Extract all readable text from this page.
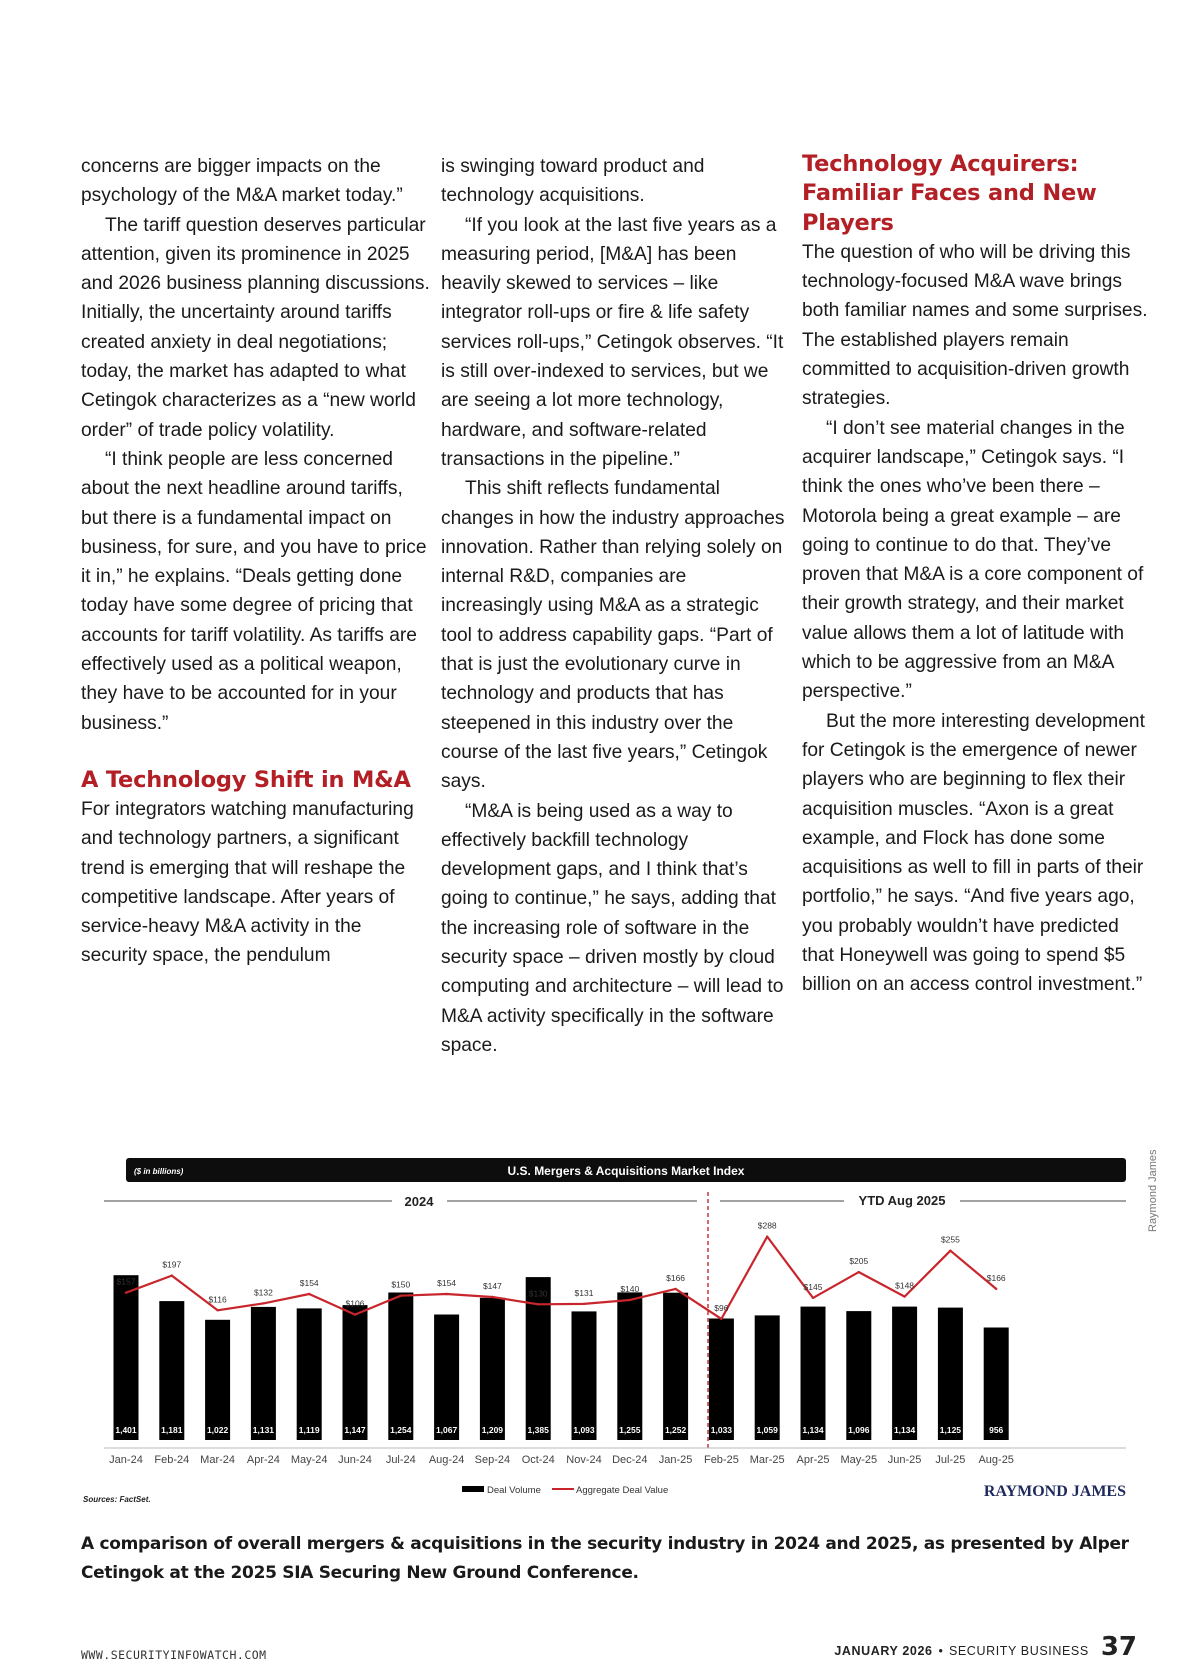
concerns are bigger impacts on the psychology of the M&A market today.”

The tariff question deserves particular attention, given its prominence in 2025 and 2026 business planning discussions. Initially, the uncertainty around tariffs created anxiety in deal negotiations; today, the market has adapted to what Cetingok characterizes as a “new world order” of trade policy volatility.

“I think people are less concerned about the next headline around tariffs, but there is a fundamental impact on business, for sure, and you have to price it in,” he explains. “Deals getting done today have some degree of pricing that accounts for tariff volatility. As tariffs are effectively used as a political weapon, they have to be accounted for in your business.”

A Technology Shift in M&A

For integrators watching manufacturing and technology partners, a significant trend is emerging that will reshape the competitive landscape. After years of service-heavy M&A activity in the security space, the pendulum

is swinging toward product and technology acquisitions.

“If you look at the last five years as a measuring period, [M&A] has been heavily skewed to services – like integrator roll-ups or fire & life safety services roll-ups,” Cetingok observes. “It is still over-indexed to services, but we are seeing a lot more technology, hardware, and software-related transactions in the pipeline.”

This shift reflects fundamental changes in how the industry approaches innovation. Rather than relying solely on internal R&D, companies are increasingly using M&A as a strategic tool to address capability gaps. “Part of that is just the evolutionary curve in technology and products that has steepened in this industry over the course of the last five years,” Cetingok says.

“M&A is being used as a way to effectively backfill technology development gaps, and I think that’s going to continue,” he says, adding that the increasing role of software in the security space – driven mostly by cloud computing and architecture – will lead to M&A activity specifically in the software space.

Technology Acquirers: Familiar Faces and New Players

The question of who will be driving this technology-focused M&A wave brings both familiar names and some surprises. The established players remain committed to acquisition-driven growth strategies.

“I don’t see material changes in the acquirer landscape,” Cetingok says. “I think the ones who’ve been there – Motorola being a great example – are going to continue to do that. They’ve proven that M&A is a core component of their growth strategy, and their market value allows them a lot of latitude with which to be aggressive from an M&A perspective.”

But the more interesting development for Cetingok is the emergence of newer players who are beginning to flex their acquisition muscles. “Axon is a great example, and Flock has done some acquisitions as well to fill in parts of their portfolio,” he says. “And five years ago, you probably wouldn’t have predicted that Honeywell was going to spend $5 billion on an access control investment.”

($ in billions)	U.S. Mergers & Acquisitions Market Index
2024	YTD Aug 2025
1,401	1,181	1,022	1,131	1,119	1,147	1,254	1,067	1,209	1,385	1,093	1,255	1,252	1,033	1,059	1,134	1,096	1,134	1,125	956
$157
$197
$116
$132
$154
$106
$150	$154	$147
$130	$131	$140
$166
$96
$288
$145
$205
$148
$255
$166
Jan-24 Feb-24 Mar-24 Apr-24 May-24 Jun-24 Jul-24 Aug-24 Sep-24 Oct-24 Nov-24 Dec-24 Jan-25 Feb-25 Mar-25 Apr-25 May-25 Jun-25 Jul-25 Aug-25
Deal Volume	Aggregate Deal Value
Sources: FactSet.	RAYMOND JAMES
Raymond James
A comparison of overall mergers & acquisitions in the security industry in 2024 and 2025, as presented by Alper Cetingok at the 2025 SIA Securing New Ground Conference.
WWW.SECURITYINFOWATCH.COM	JANUARY 2026 • SECURITY BUSINESS 37
